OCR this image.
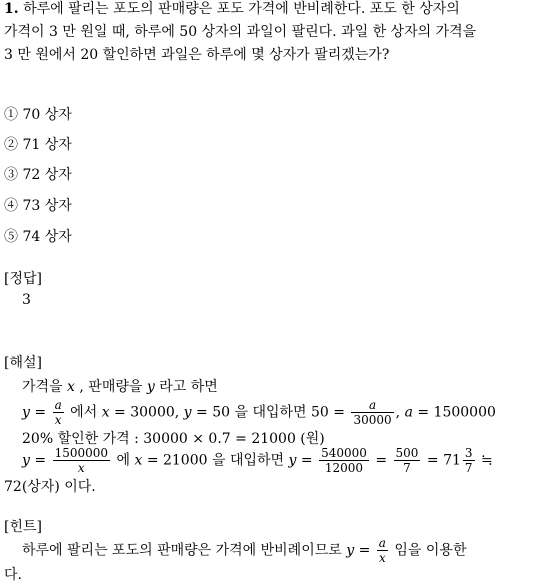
1. 하루에 팔리는 포도의 판매량은 포도 가격에 반비례한다. 포도 한 상자의
가격이 3 만 원일 때, 하루에 50 상자의 과일이 팔린다. 과일 한 상자의 가격을
3 만 원에서 20 할인하면 과일은 하루에 몇 상자가 팔리겠는가?
① 70 상자
② 71 상자
③ 72 상자
④ 73 상자
⑤ 74 상자
[정답]
3
[해설]
가격을 x , 판매량을 y 라고 하면
$y = \frac{a}{x}$ 에서 x = 30000, y = 50 을 대입하면 $50 = \frac{a}{30000}$ , a = 1500000
20% 할인한 가격 : 30000 × 0.7 = 21000 (원)
$y = \frac{1500000}{x}$ 에 x = 21000 을 대입하면 $y = \frac{540000}{12000} = \frac{500}{7} = 71 \frac{3}{7}$ ≒
72(상자) 이다.
[힌트]
하루에 팔리는 포도의 판매량은 가격에 반비례이므로 $y = \frac{a}{x}$ 임을 이용한
다.
